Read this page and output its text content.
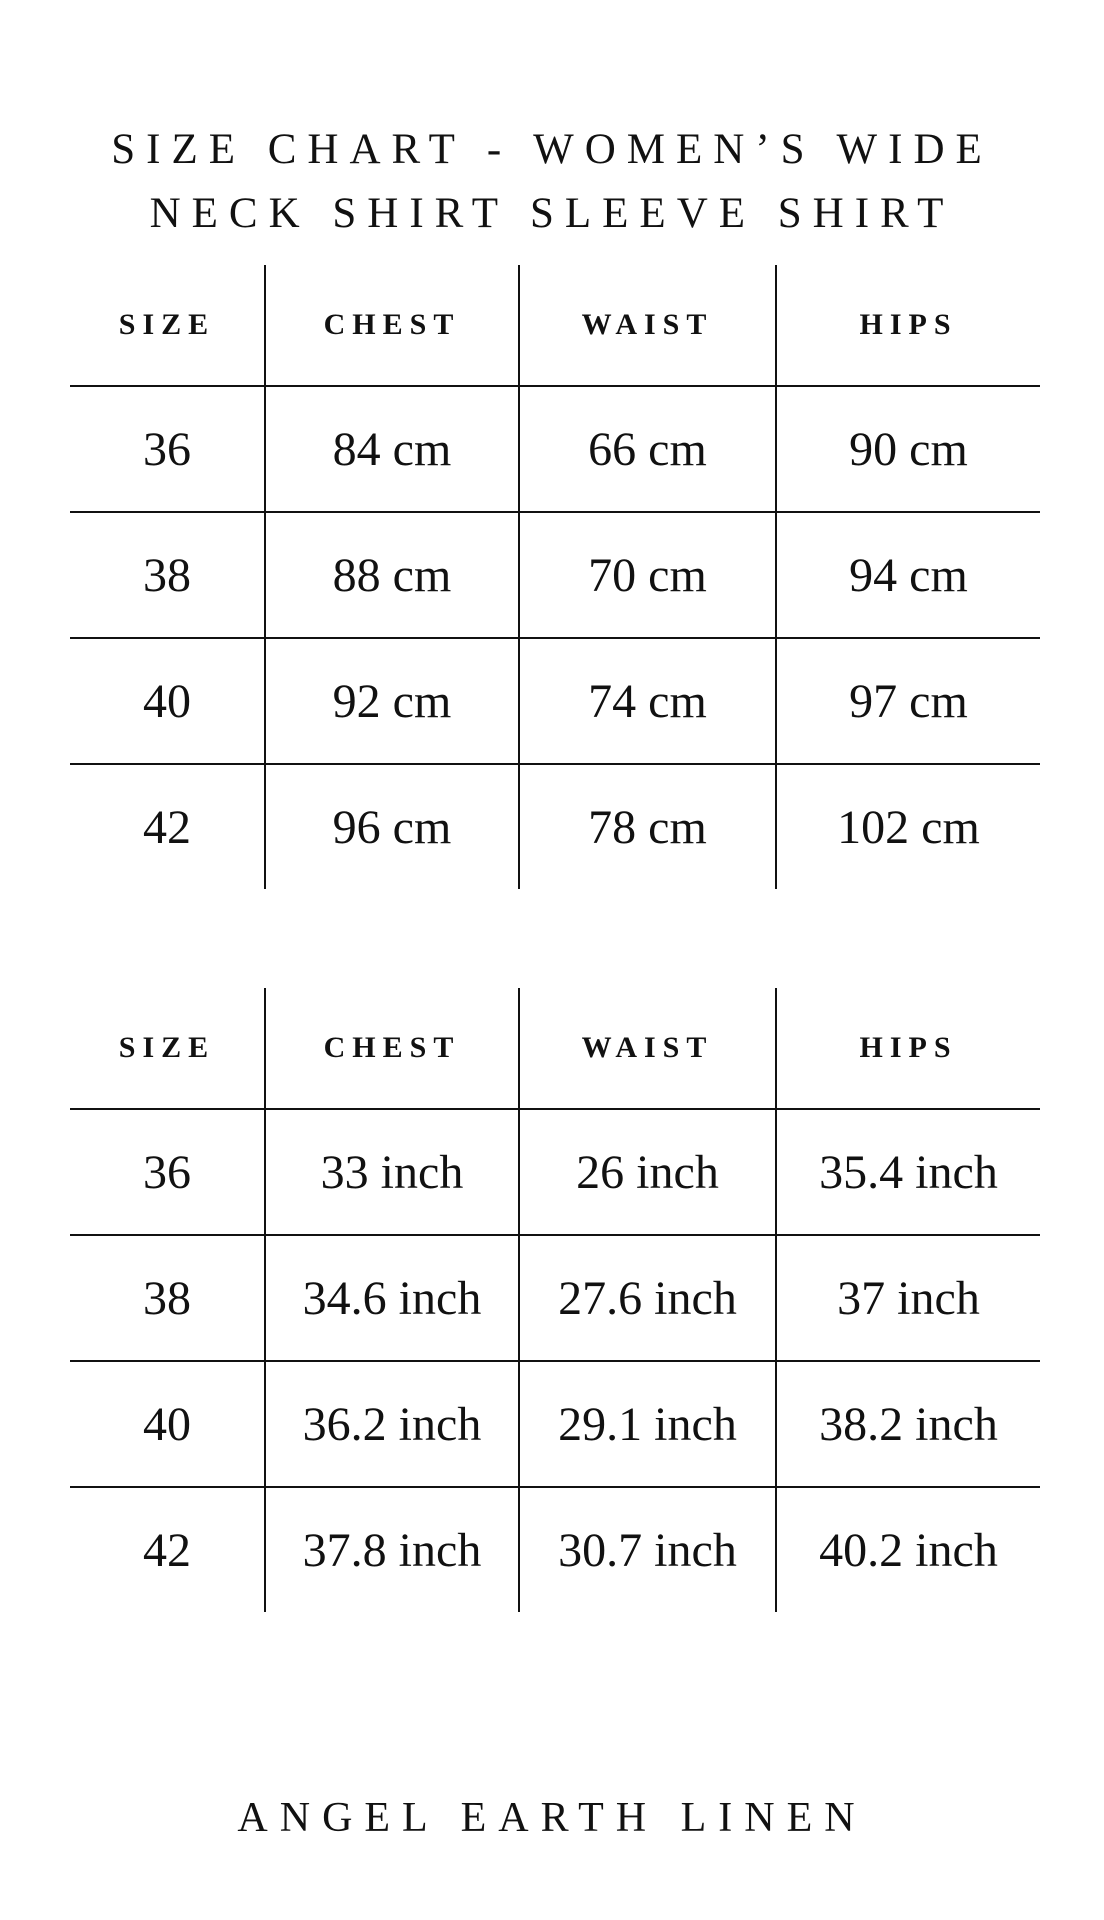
SIZE CHART - WOMEN’S WIDE
NECK SHIRT SLEEVE SHIRT
SIZE	CHEST	WAIST	HIPS
36	84 cm	66 cm	90 cm
38	88 cm	70 cm	94 cm
40	92 cm	74 cm	97 cm
42	96 cm	78 cm	102 cm
SIZE	CHEST	WAIST	HIPS
36	33 inch	26 inch	35.4 inch
38	34.6 inch	27.6 inch	37 inch
40	36.2 inch	29.1 inch	38.2 inch
42	37.8 inch	30.7 inch	40.2 inch
ANGEL EARTH LINEN
